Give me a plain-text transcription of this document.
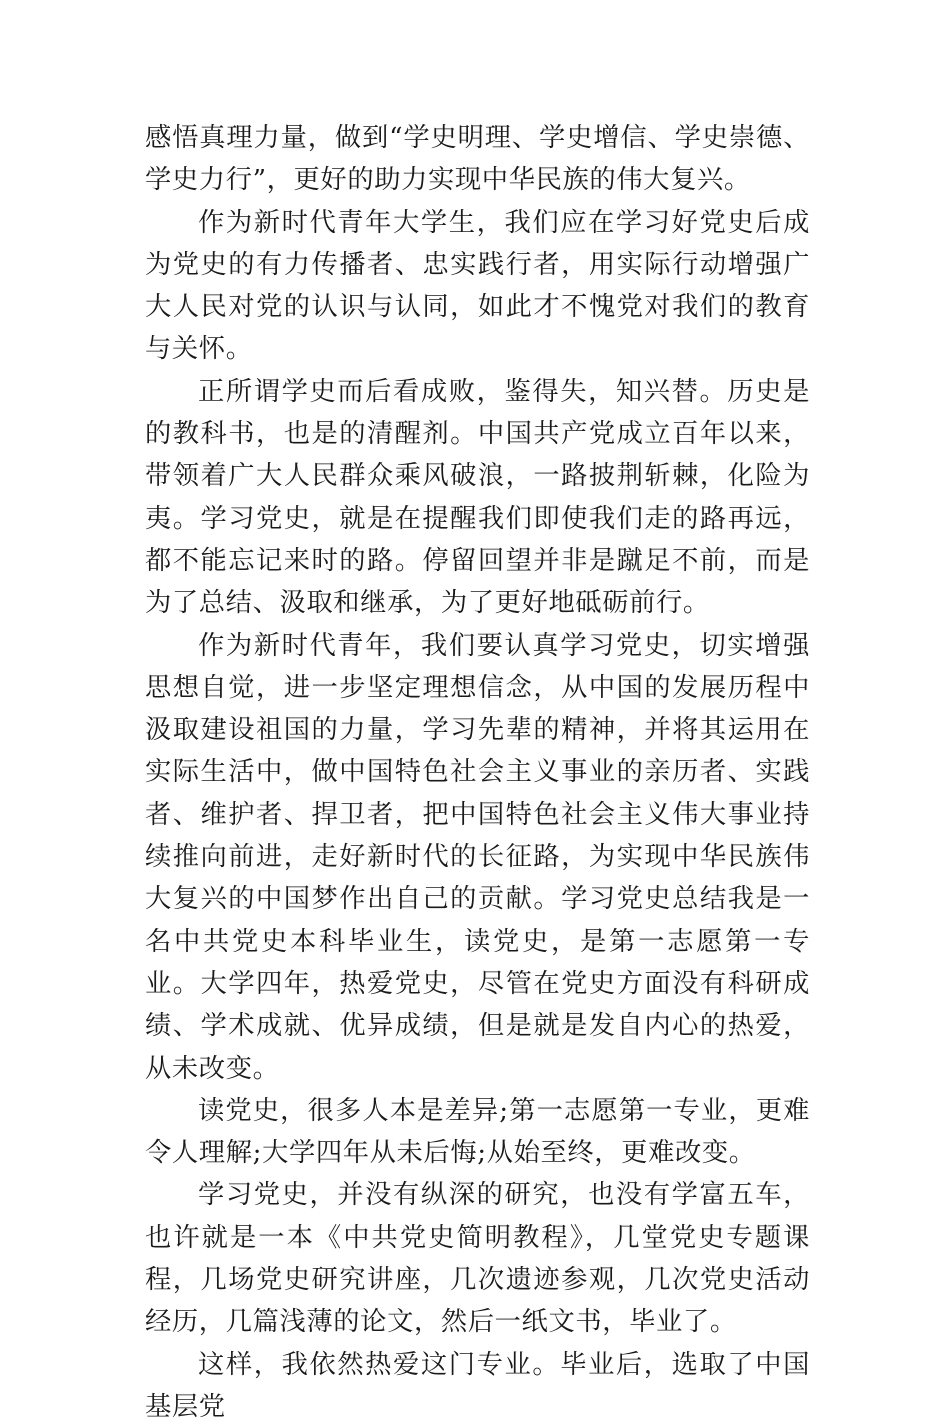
感悟真理力量，做到“学史明理、学史增信、学史崇德、学史力行”，更好的助力实现中华民族的伟大复兴。

作为新时代青年大学生，我们应在学习好党史后成为党史的有力传播者、忠实践行者，用实际行动增强广大人民对党的认识与认同，如此才不愧党对我们的教育与关怀。

正所谓学史而后看成败，鉴得失，知兴替。历史是的教科书，也是的清醒剂。中国共产党成立百年以来，带领着广大人民群众乘风破浪，一路披荆斩棘，化险为夷。学习党史，就是在提醒我们即使我们走的路再远，都不能忘记来时的路。停留回望并非是蹴足不前，而是为了总结、汲取和继承，为了更好地砥砺前行。

作为新时代青年，我们要认真学习党史，切实增强思想自觉，进一步坚定理想信念，从中国的发展历程中汲取建设祖国的力量，学习先辈的精神，并将其运用在实际生活中，做中国特色社会主义事业的亲历者、实践者、维护者、捍卫者，把中国特色社会主义伟大事业持续推向前进，走好新时代的长征路，为实现中华民族伟大复兴的中国梦作出自己的贡献。学习党史总结我是一名中共党史本科毕业生，读党史，是第一志愿第一专业。大学四年，热爱党史，尽管在党史方面没有科研成绩、学术成就、优异成绩，但是就是发自内心的热爱，从未改变。

读党史，很多人本是差异;第一志愿第一专业，更难令人理解;大学四年从未后悔;从始至终，更难改变。

学习党史，并没有纵深的研究，也没有学富五车，也许就是一本《中共党史简明教程》，几堂党史专题课程，几场党史研究讲座，几次遗迹参观，几次党史活动经历，几篇浅薄的论文，然后一纸文书，毕业了。

这样，我依然热爱这门专业。毕业后，选取了中国基层党
